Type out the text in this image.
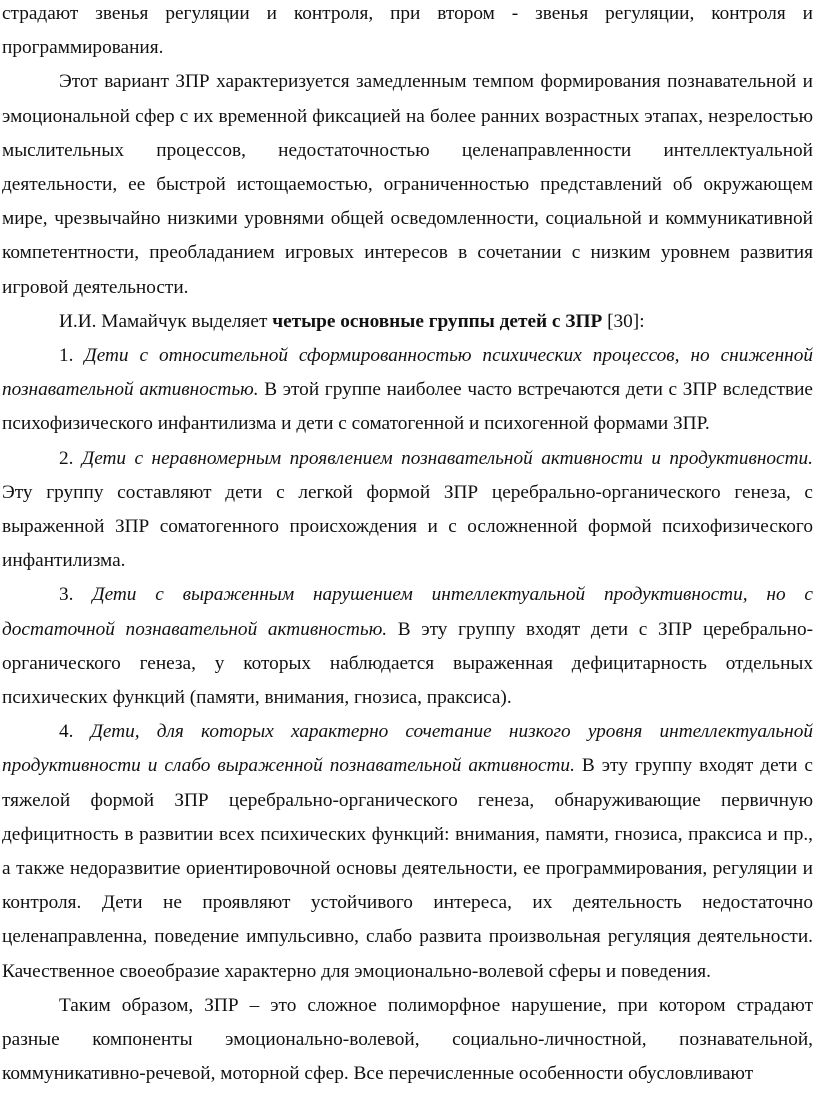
страдают звенья регуляции и контроля, при втором - звенья регуляции, контроля и программирования.

Этот вариант ЗПР характеризуется замедленным темпом формирования познавательной и эмоциональной сфер с их временной фиксацией на более ранних возрастных этапах, незрелостью мыслительных процессов, недостаточностью целенаправленности интеллектуальной деятельности, ее быстрой истощаемостью, ограниченностью представлений об окружающем мире, чрезвычайно низкими уровнями общей осведомленности, социальной и коммуникативной компетентности, преобладанием игровых интересов в сочетании с низким уровнем развития игровой деятельности.

И.И. Мамайчук выделяет четыре основные группы детей с ЗПР [30]:

1. Дети с относительной сформированностью психических процессов, но сниженной познавательной активностью. В этой группе наиболее часто встречаются дети с ЗПР вследствие психофизического инфантилизма и дети с соматогенной и психогенной формами ЗПР.

2. Дети с неравномерным проявлением познавательной активности и продуктивности. Эту группу составляют дети с легкой формой ЗПР церебрально-органического генеза, с выраженной ЗПР соматогенного происхождения и с осложненной формой психофизического инфантилизма.

3. Дети с выраженным нарушением интеллектуальной продуктивности, но с достаточной познавательной активностью. В эту группу входят дети с ЗПР церебрально-органического генеза, у которых наблюдается выраженная дефицитарность отдельных психических функций (памяти, внимания, гнозиса, праксиса).

4. Дети, для которых характерно сочетание низкого уровня интеллектуальной продуктивности и слабо выраженной познавательной активности. В эту группу входят дети с тяжелой формой ЗПР церебрально-органического генеза, обнаруживающие первичную дефицитность в развитии всех психических функций: внимания, памяти, гнозиса, праксиса и пр., а также недоразвитие ориентировочной основы деятельности, ее программирования, регуляции и контроля. Дети не проявляют устойчивого интереса, их деятельность недостаточно целенаправленна, поведение импульсивно, слабо развита произвольная регуляция деятельности. Качественное своеобразие характерно для эмоционально-волевой сферы и поведения.

Таким образом, ЗПР – это сложное полиморфное нарушение, при котором страдают разные компоненты эмоционально-волевой, социально-личностной, познавательной, коммуникативно-речевой, моторной сфер. Все перечисленные особенности обусловливают
